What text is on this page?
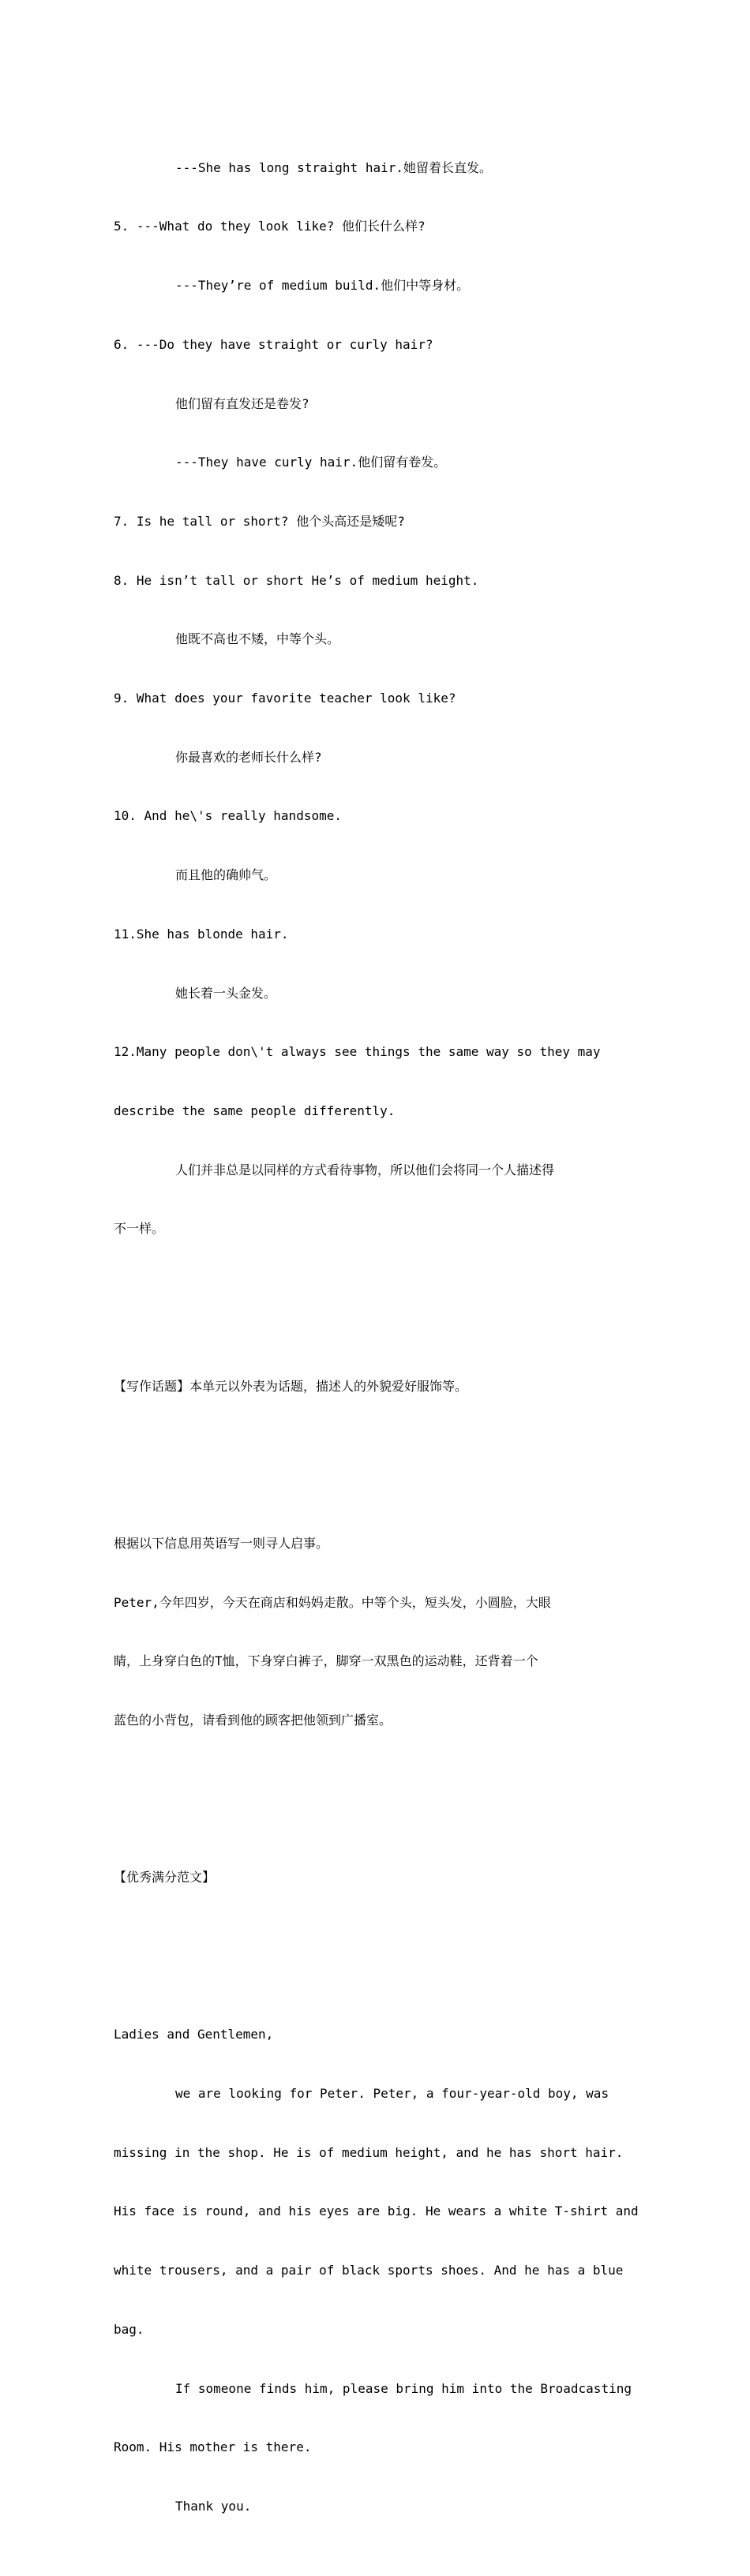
---She has long straight hair.她留着长直发。

5. ---What do they look like? 他们长什么样?

---They’re of medium build.他们中等身材。

6. ---Do they have straight or curly hair?

他们留有直发还是卷发?

---They have curly hair.他们留有卷发。

7. Is he tall or short? 他个头高还是矮呢?

8. He isn’t tall or short He’s of medium height.

他既不高也不矮，中等个头。

9. What does your favorite teacher look like?

你最喜欢的老师长什么样?

10. And he\'s really handsome.

而且他的确帅气。

11.She has blonde hair.

她长着一头金发。

12.Many people don\'t always see things the same way so they may

describe the same people differently.

人们并非总是以同样的方式看待事物，所以他们会将同一个人描述得

不一样。

【写作话题】本单元以外表为话题，描述人的外貌爱好服饰等。

根据以下信息用英语写一则寻人启事。

Peter,今年四岁，今天在商店和妈妈走散。中等个头，短头发，小圆脸，大眼

睛，上身穿白色的T恤，下身穿白裤子，脚穿一双黑色的运动鞋，还背着一个

蓝色的小背包，请看到他的顾客把他领到广播室。

【优秀满分范文】

Ladies and Gentlemen,

we are looking for Peter. Peter, a four-year-old boy, was

missing in the shop. He is of medium height, and he has short hair.

His face is round, and his eyes are big. He wears a white T-shirt and

white trousers, and a pair of black sports shoes. And he has a blue

bag.

If someone finds him, please bring him into the Broadcasting

Room. His mother is there.

Thank you.
